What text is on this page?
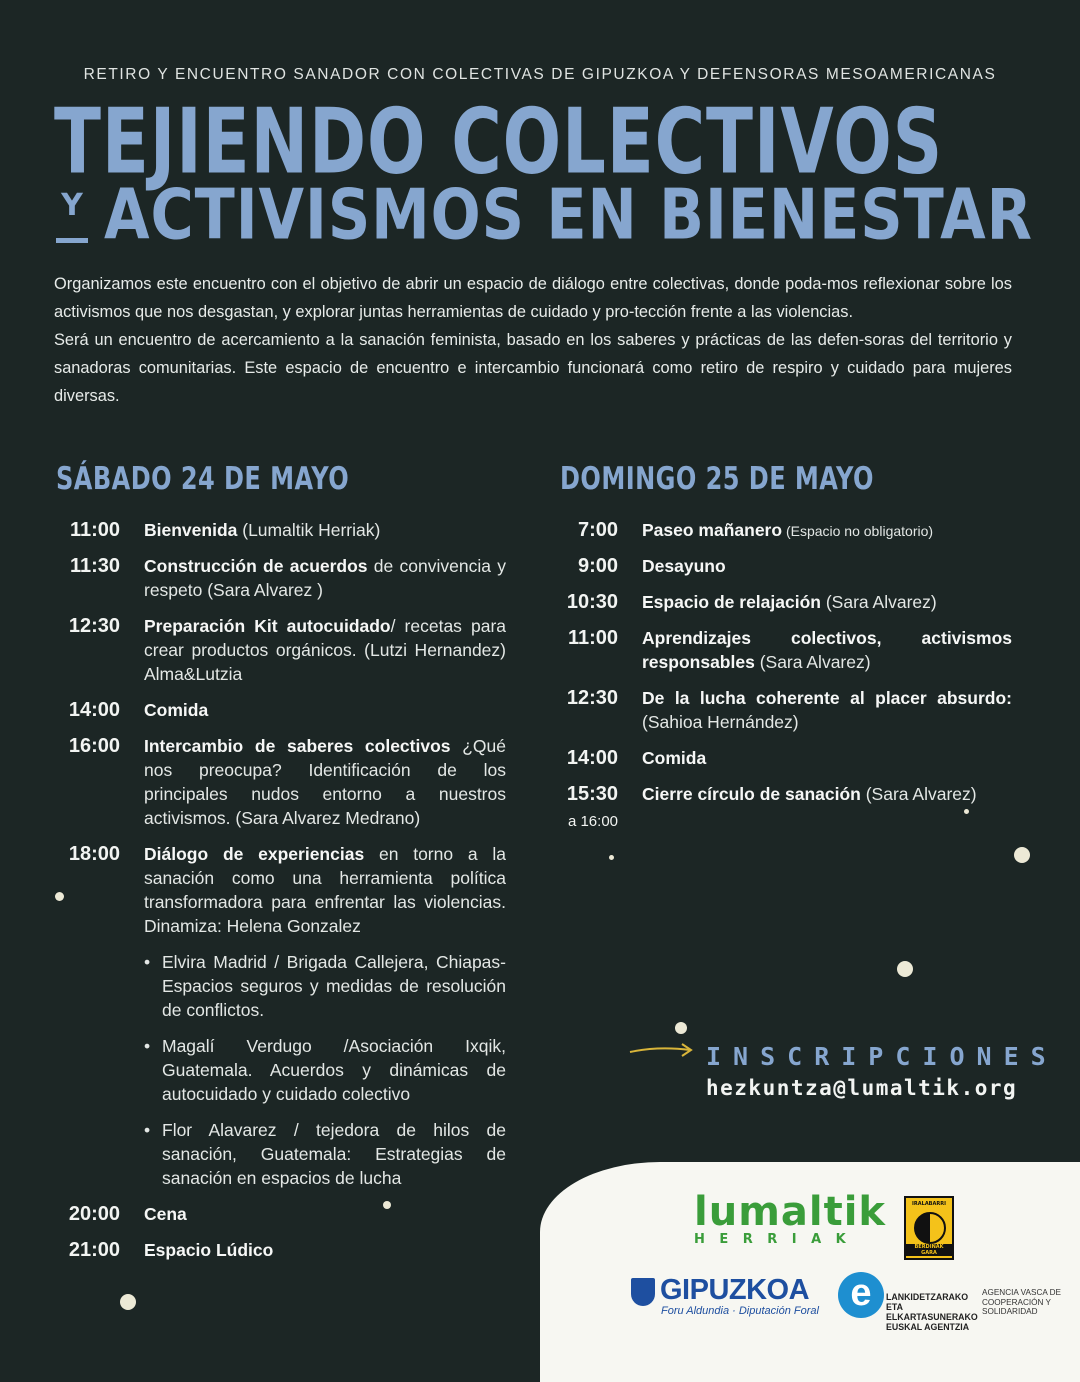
RETIRO Y ENCUENTRO SANADOR CON COLECTIVAS DE GIPUZKOA Y DEFENSORAS MESOAMERICANAS
TEJIENDO COLECTIVOS
Y ACTIVISMOS EN BIENESTAR

Organizamos este encuentro con el objetivo de abrir un espacio de diálogo entre colectivas, donde poda-mos reflexionar sobre los activismos que nos desgastan, y explorar juntas herramientas de cuidado y pro-tección frente a las violencias.

Será un encuentro de acercamiento a la sanación feminista, basado en los saberes y prácticas de las defen-soras del territorio y sanadoras comunitarias. Este espacio de encuentro e intercambio funcionará como retiro de respiro y cuidado para mujeres diversas.

SÁBADO 24 DE MAYO
11:00 Bienvenida (Lumaltik Herriak)
11:30 Construcción de acuerdos de convivencia y respeto (Sara Alvarez )
12:30 Preparación Kit autocuidado/ recetas para crear productos orgánicos. (Lutzi Hernandez) Alma&Lutzia
14:00 Comida
16:00 Intercambio de saberes colectivos ¿Qué nos preocupa? Identificación de los principales nudos entorno a nuestros activismos. (Sara Alvarez Medrano)
18:00 Diálogo de experiencias en torno a la sanación como una herramienta política transformadora para enfrentar las violencias. Dinamiza: Helena Gonzalez
• Elvira Madrid / Brigada Callejera, Chiapas- Espacios seguros y medidas de resolución de conflictos.
• Magalí Verdugo /Asociación Ixqik, Guatemala. Acuerdos y dinámicas de autocuidado y cuidado colectivo
• Flor Alavarez / tejedora de hilos de sanación, Guatemala: Estrategias de sanación en espacios de lucha
20:00 Cena
21:00 Espacio Lúdico
DOMINGO 25 DE MAYO
7:00 Paseo mañanero (Espacio no obligatorio)
9:00 Desayuno
10:30 Espacio de relajación (Sara Alvarez)
11:00 Aprendizajes colectivos, activismos responsables (Sara Alvarez)
12:30 De la lucha coherente al placer absurdo: (Sahioa Hernández)
14:00 Comida
15:30
a 16:00
Cierre círculo de sanación (Sara Alvarez)
INSCRIPCIONES
hezkuntza@lumaltik.org
lumaltik
HERRIAK
IRALABARRI
BERDINAK GARA
GIPUZKOA
Foru Aldundia · Diputación Foral e	LANKIDETZARAKO ETA ELKARTASUNERAKO EUSKAL AGENTZIA
AGENCIA VASCA DE COOPERACIÓN Y SOLIDARIDAD
